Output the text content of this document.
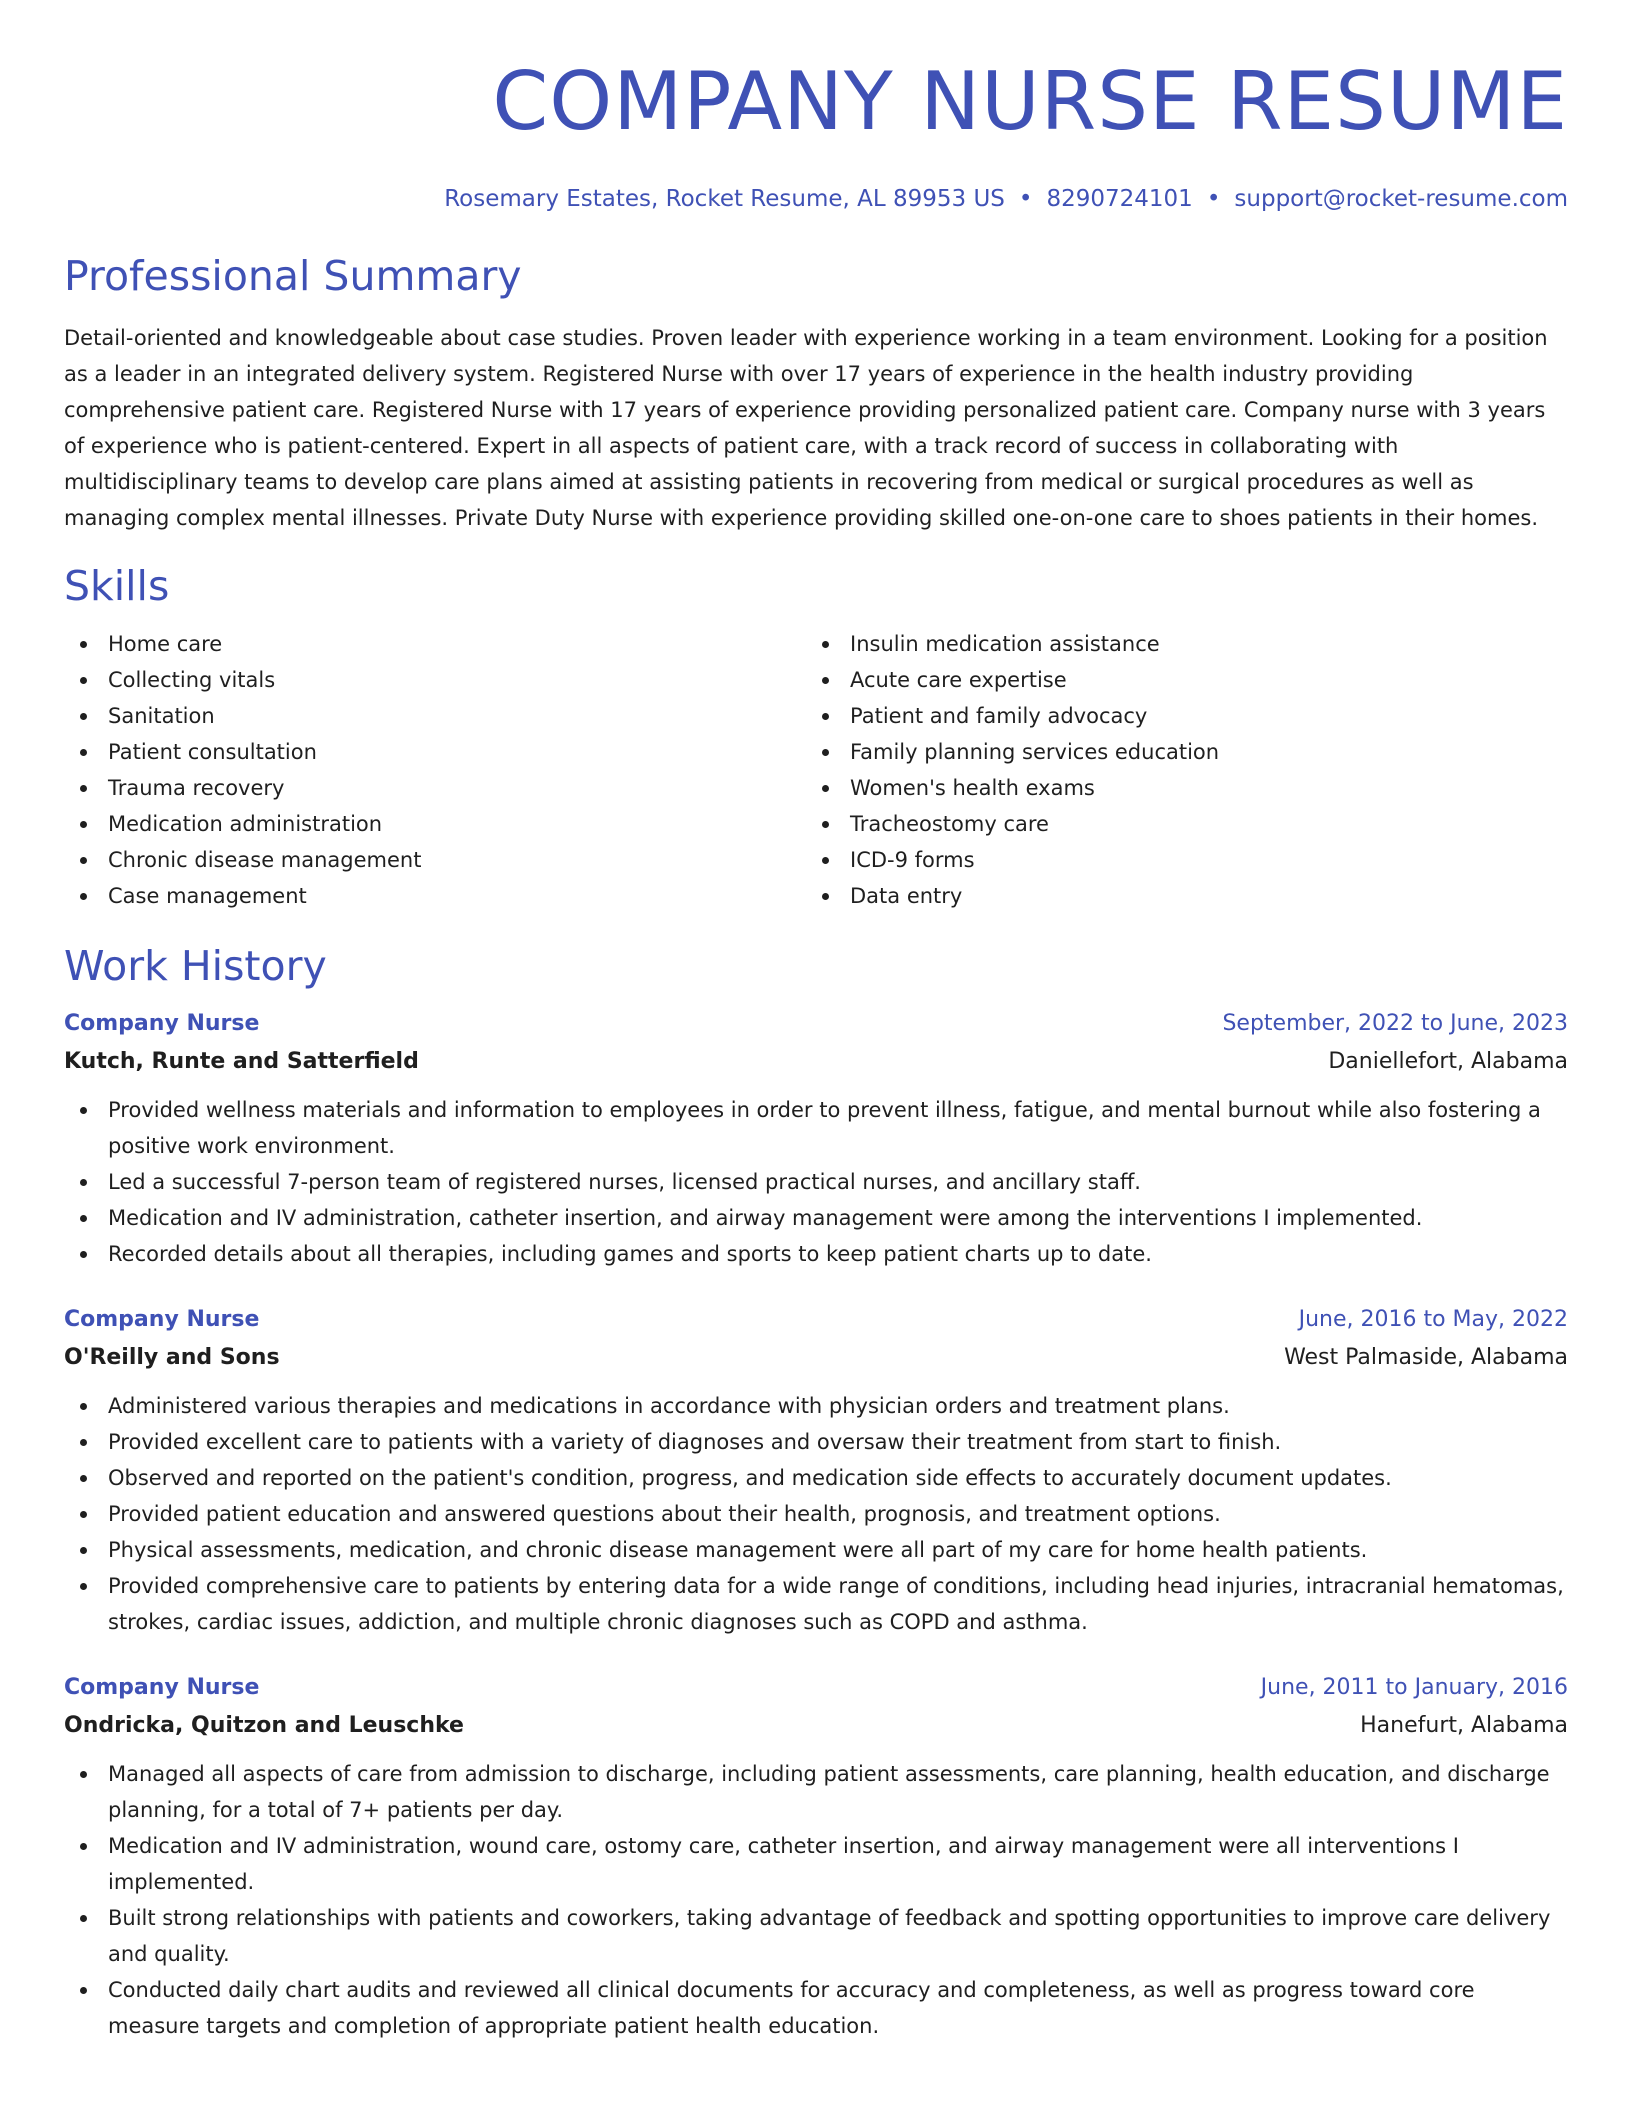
COMPANY NURSE RESUME
Rosemary Estates, Rocket Resume, AL 89953 US • 8290724101 • support@rocket-resume.com
Professional Summary

Detail-oriented and knowledgeable about case studies. Proven leader with experience working in a team environment. Looking for a position as a leader in an integrated delivery system. Registered Nurse with over 17 years of experience in the health industry providing comprehensive patient care. Registered Nurse with 17 years of experience providing personalized patient care. Company nurse with 3 years of experience who is patient-centered. Expert in all aspects of patient care, with a track record of success in collaborating with multidisciplinary teams to develop care plans aimed at assisting patients in recovering from medical or surgical procedures as well as managing complex mental illnesses. Private Duty Nurse with experience providing skilled one-on-one care to shoes patients in their homes.

Skills
Home care
Collecting vitals
Sanitation
Patient consultation
Trauma recovery
Medication administration
Chronic disease management
Case management
Insulin medication assistance
Acute care expertise
Patient and family advocacy
Family planning services education
Women's health exams
Tracheostomy care
ICD-9 forms
Data entry
Work History
Company Nurse	September, 2022 to June, 2023
Kutch, Runte and Satterfield	Daniellefort, Alabama
Provided wellness materials and information to employees in order to prevent illness, fatigue, and mental burnout while also fostering a positive work environment.
Led a successful 7-person team of registered nurses, licensed practical nurses, and ancillary staff.
Medication and IV administration, catheter insertion, and airway management were among the interventions I implemented.
Recorded details about all therapies, including games and sports to keep patient charts up to date.
Company Nurse	June, 2016 to May, 2022
O'Reilly and Sons	West Palmaside, Alabama
Administered various therapies and medications in accordance with physician orders and treatment plans.
Provided excellent care to patients with a variety of diagnoses and oversaw their treatment from start to finish.
Observed and reported on the patient's condition, progress, and medication side effects to accurately document updates.
Provided patient education and answered questions about their health, prognosis, and treatment options.
Physical assessments, medication, and chronic disease management were all part of my care for home health patients.
Provided comprehensive care to patients by entering data for a wide range of conditions, including head injuries, intracranial hematomas, strokes, cardiac issues, addiction, and multiple chronic diagnoses such as COPD and asthma.
Company Nurse	June, 2011 to January, 2016
Ondricka, Quitzon and Leuschke	Hanefurt, Alabama
Managed all aspects of care from admission to discharge, including patient assessments, care planning, health education, and discharge planning, for a total of 7+ patients per day.
Medication and IV administration, wound care, ostomy care, catheter insertion, and airway management were all interventions I implemented.
Built strong relationships with patients and coworkers, taking advantage of feedback and spotting opportunities to improve care delivery and quality.
Conducted daily chart audits and reviewed all clinical documents for accuracy and completeness, as well as progress toward core measure targets and completion of appropriate patient health education.
